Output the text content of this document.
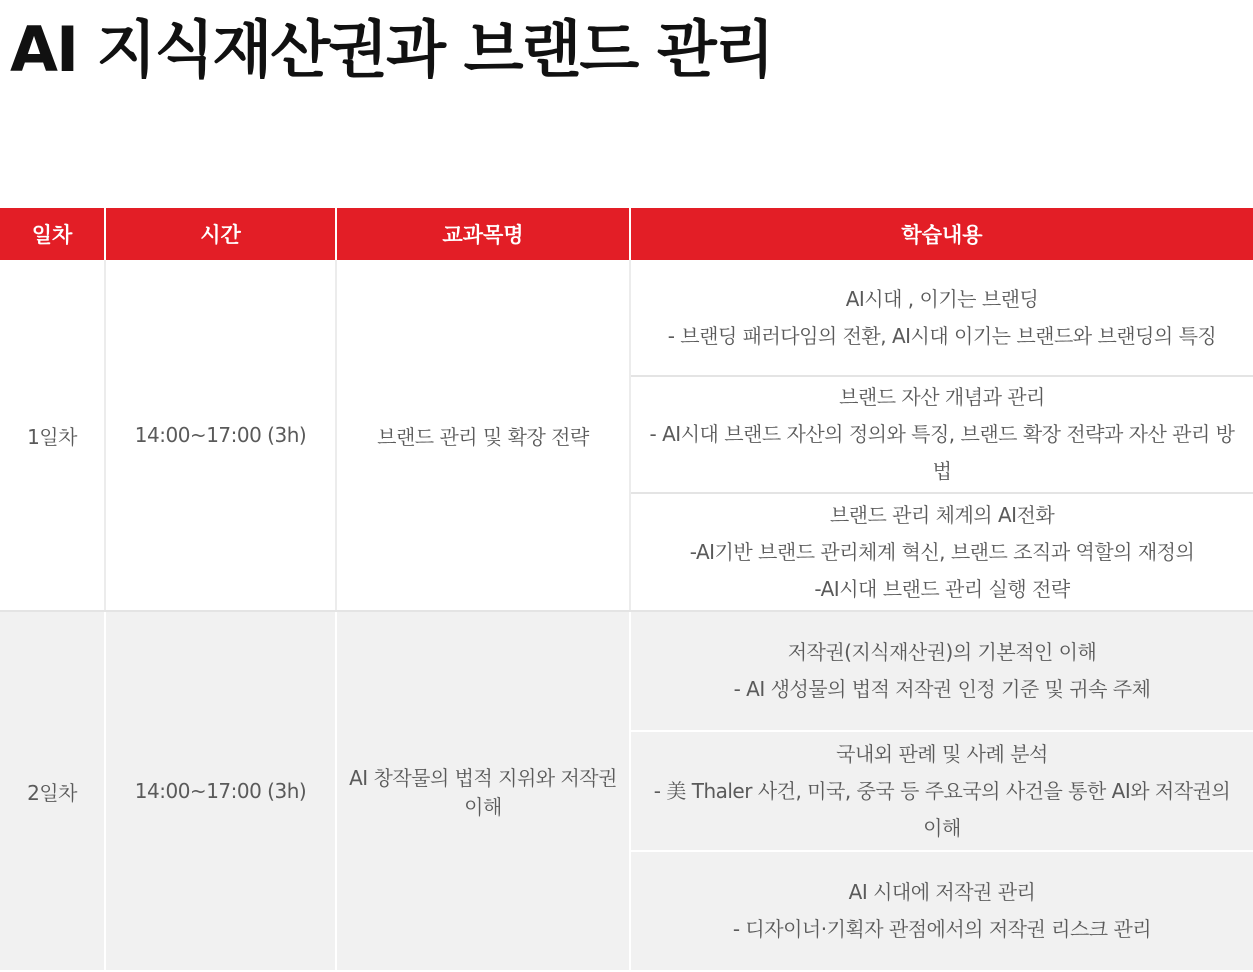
AI 지식재산권과 브랜드 관리
일차	시간	교과목명	학습내용
1일차	14:00~17:00 (3h)	브랜드 관리 및 확장 전략	AI시대 , 이기는 브랜딩
- 브랜딩 패러다임의 전환, AI시대 이기는 브랜드와 브랜딩의 특징

			브랜드 자산 개념과 관리
- AI시대 브랜드 자산의 정의와 특징, 브랜드 확장 전략과 자산 관리 방법

			브랜드 관리 체계의 AI전화
-AI기반 브랜드 관리체계 혁신, 브랜드 조직과 역할의 재정의
-AI시대 브랜드 관리 실행 전략

2일차	14:00~17:00 (3h)	AI 창작물의 법적 지위와 저작권 이해	저작권(지식재산권)의 기본적인 이해
- AI 생성물의 법적 저작권 인정 기준 및 귀속 주체

			국내외 판례 및 사례 분석
- 美 Thaler 사건, 미국, 중국 등 주요국의 사건을 통한 AI와 저작권의 이해

			AI 시대에 저작권 관리
- 디자이너·기획자 관점에서의 저작권 리스크 관리
